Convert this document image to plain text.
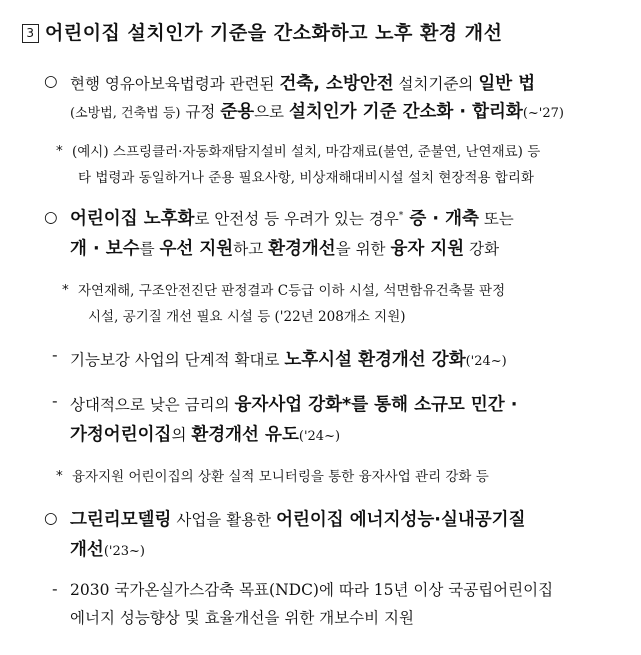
3 어린이집 설치인가 기준을 간소화하고 노후 환경 개선
○ 현행 영유아보육법령과 관련된 건축, 소방안전 설치기준의 일반 법
(소방법, 건축법 등) 규정 준용으로 설치인가 기준 간소화 · 합리화(~'27)
* (예시) 스프링클러·자동화재탐지설비 설치, 마감재료(불연, 준불연, 난연재료) 등
타 법령과 동일하거나 준용 필요사항, 비상재해대비시설 설치 현장적용 합리화
○ 어린이집 노후화로 안전성 등 우려가 있는 경우* 증 · 개축 또는
개 · 보수를 우선 지원하고 환경개선을 위한 융자 지원 강화
* 자연재해, 구조안전진단 판정결과 C등급 이하 시설, 석면함유건축물 판정
시설, 공기질 개선 필요 시설 등 ('22년 208개소 지원)
- 기능보강 사업의 단계적 확대로 노후시설 환경개선 강화('24~)
- 상대적으로 낮은 금리의 융자사업 강화*를 통해 소규모 민간 ·
가정어린이집의 환경개선 유도('24~)
* 융자지원 어린이집의 상환 실적 모니터링을 통한 융자사업 관리 강화 등
○ 그린리모델링 사업을 활용한 어린이집 에너지성능·실내공기질
개선('23~)
- 2030 국가온실가스감축 목표(NDC)에 따라 15년 이상 국공립어린이집
에너지 성능향상 및 효율개선을 위한 개보수비 지원
